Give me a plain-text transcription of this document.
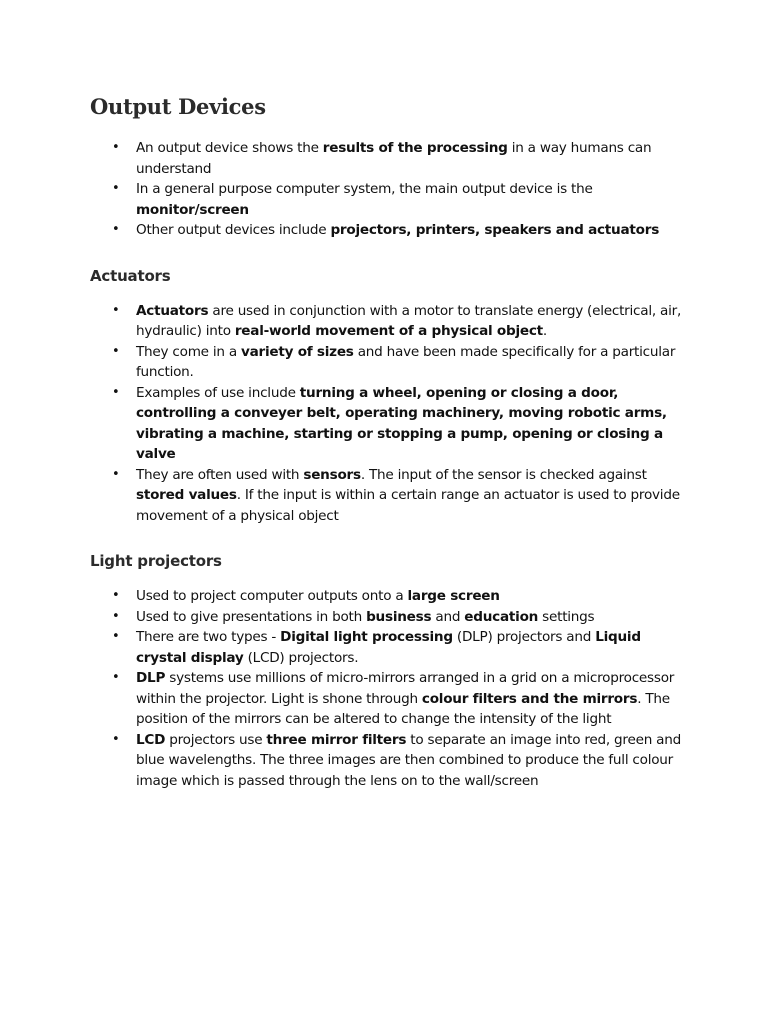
Output Devices
• An output device shows the results of the processing in a way humans can understand
• In a general purpose computer system, the main output device is the monitor/screen
• Other output devices include projectors, printers, speakers and actuators
Actuators
• Actuators are used in conjunction with a motor to translate energy (electrical, air, hydraulic) into real-world movement of a physical object.
• They come in a variety of sizes and have been made specifically for a particular function.
• Examples of use include turning a wheel, opening or closing a door, controlling a conveyer belt, operating machinery, moving robotic arms, vibrating a machine, starting or stopping a pump, opening or closing a valve
• They are often used with sensors. The input of the sensor is checked against stored values. If the input is within a certain range an actuator is used to provide movement of a physical object
Light projectors
• Used to project computer outputs onto a large screen
• Used to give presentations in both business and education settings
• There are two types - Digital light processing (DLP) projectors and Liquid crystal display (LCD) projectors.
• DLP systems use millions of micro-mirrors arranged in a grid on a microprocessor within the projector. Light is shone through colour filters and the mirrors. The position of the mirrors can be altered to change the intensity of the light
• LCD projectors use three mirror filters to separate an image into red, green and blue wavelengths. The three images are then combined to produce the full colour image which is passed through the lens on to the wall/screen
